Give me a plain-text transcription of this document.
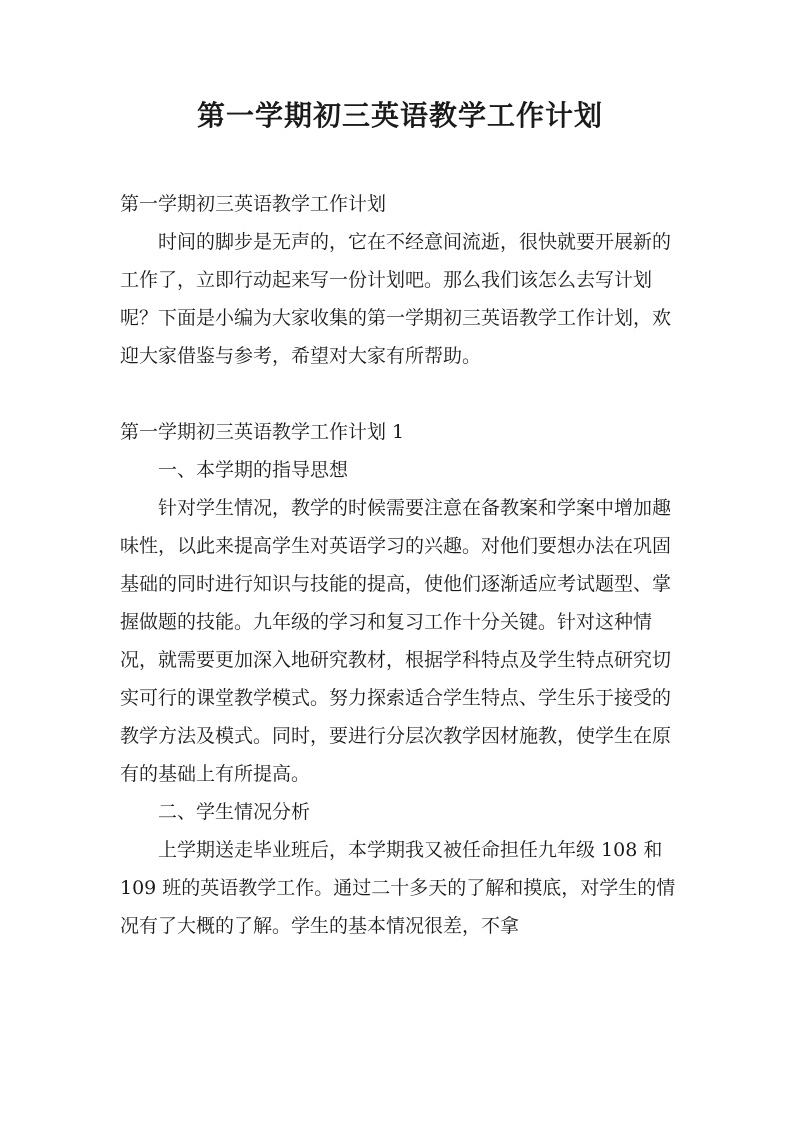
第一学期初三英语教学工作计划

第一学期初三英语教学工作计划

时间的脚步是无声的，它在不经意间流逝，很快就要开展新的工作了，立即行动起来写一份计划吧。那么我们该怎么去写计划呢？下面是小编为大家收集的第一学期初三英语教学工作计划，欢迎大家借鉴与参考，希望对大家有所帮助。

第一学期初三英语教学工作计划 1

一、本学期的指导思想

针对学生情况，教学的时候需要注意在备教案和学案中增加趣味性，以此来提高学生对英语学习的兴趣。对他们要想办法在巩固基础的同时进行知识与技能的提高，使他们逐渐适应考试题型、掌握做题的技能。九年级的学习和复习工作十分关键。针对这种情况，就需要更加深入地研究教材，根据学科特点及学生特点研究切实可行的课堂教学模式。努力探索适合学生特点、学生乐于接受的教学方法及模式。同时，要进行分层次教学因材施教，使学生在原有的基础上有所提高。

二、学生情况分析

上学期送走毕业班后，本学期我又被任命担任九年级 108 和 109 班的英语教学工作。通过二十多天的了解和摸底，对学生的情况有了大概的了解。学生的基本情况很差，不拿
